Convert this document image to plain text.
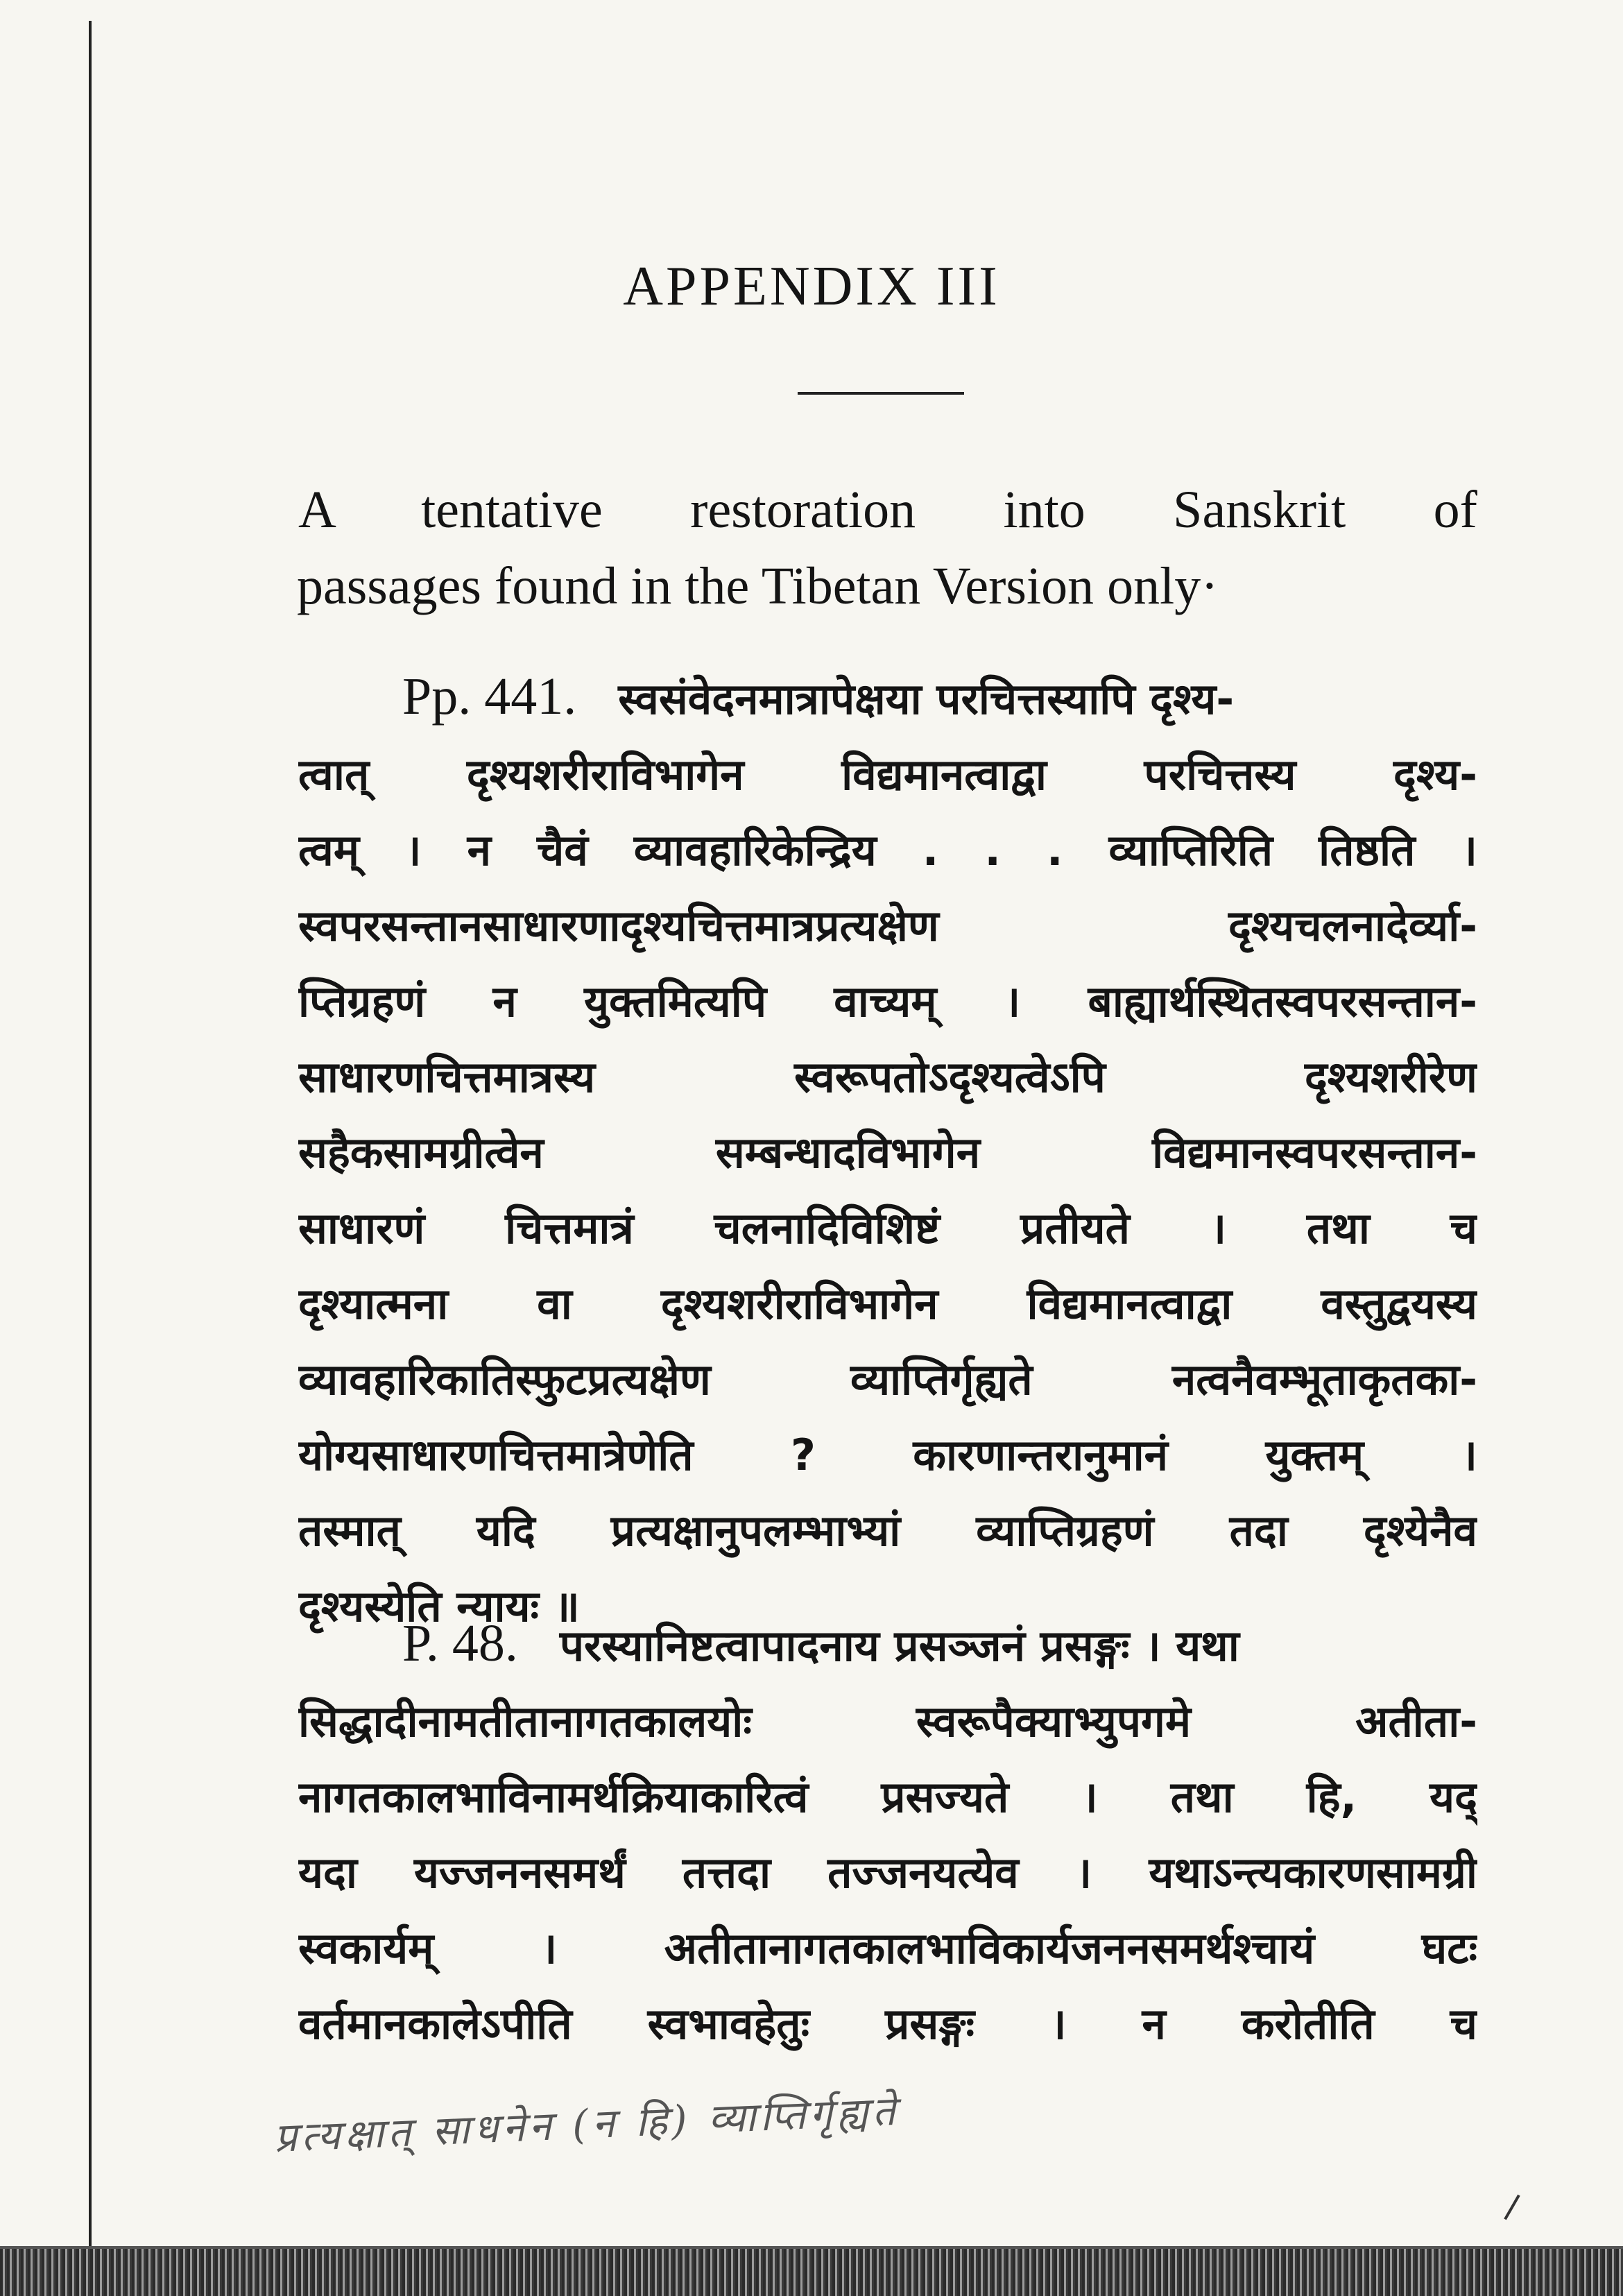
APPENDIX III
A tentative restoration into Sanskrit of
passages found in the Tibetan Version only·
Pp. 441. स्वसंवेदनमात्रापेक्षया परचित्तस्यापि दृश्य-
त्वात् दृश्यशरीराविभागेन विद्यमानत्वाद्वा परचित्तस्य दृश्य-
त्वम् । न चैवं व्यावहारिकेन्द्रिय . . . व्याप्तिरिति तिष्ठति ।
स्वपरसन्तानसाधारणादृश्यचित्तमात्रप्रत्यक्षेण दृश्यचलनादेर्व्या-
प्तिग्रहणं न युक्तमित्यपि वाच्यम् । बाह्यार्थस्थितस्वपरसन्तान-
साधारणचित्तमात्रस्य स्वरूपतोऽदृश्यत्वेऽपि दृश्यशरीरेण
सहैकसामग्रीत्वेन सम्बन्धादविभागेन विद्यमानस्वपरसन्तान-
साधारणं चित्तमात्रं चलनादिविशिष्टं प्रतीयते । तथा च
दृश्यात्मना वा दृश्यशरीराविभागेन विद्यमानत्वाद्वा वस्तुद्वयस्य
व्यावहारिकातिस्फुटप्रत्यक्षेण व्याप्तिर्गृह्यते नत्वनैवम्भूताकृतका-
योग्यसाधारणचित्तमात्रेणेति ? कारणान्तरानुमानं युक्तम् ।
तस्मात् यदि प्रत्यक्षानुपलम्भाभ्यां व्याप्तिग्रहणं तदा दृश्येनैव
दृश्यस्येति न्यायः ॥
P. 48. परस्यानिष्टत्वापादनाय प्रसञ्जनं प्रसङ्गः । यथा
सिद्धादीनामतीतानागतकालयोः स्वरूपैक्याभ्युपगमे अतीता-
नागतकालभाविनामर्थक्रियाकारित्वं प्रसज्यते । तथा हि, यद्
यदा यज्जननसमर्थं तत्तदा तज्जनयत्येव । यथाऽन्त्यकारणसामग्री
स्वकार्यम् । अतीतानागतकालभाविकार्यजननसमर्थश्चायं घटः
वर्तमानकालेऽपीति स्वभावहेतुः प्रसङ्गः । न करोतीति च
प्रत्यक्षात् साधनेन (न हि) व्याप्तिर्गृह्यते
